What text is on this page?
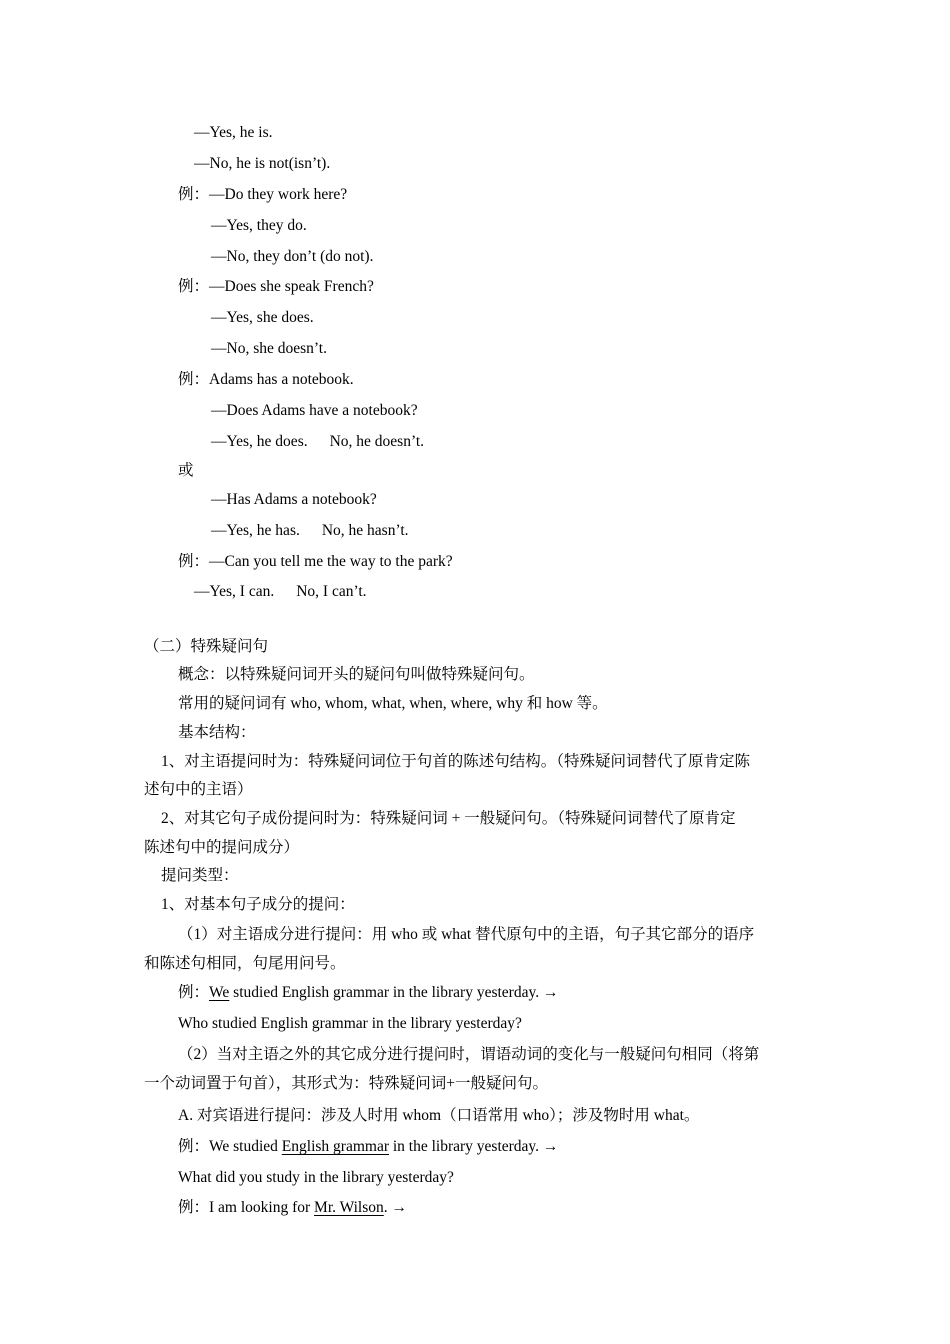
—Yes, he is.
—No, he is not(isn’t).
例：—Do they work here?
—Yes, they do.
—No, they don’t (do not).
例：—Does she speak French?
—Yes, she does.
—No, she doesn’t.
例：Adams has a notebook.
—Does Adams have a notebook?
—Yes, he does. No, he doesn’t.
或
—Has Adams a notebook?
—Yes, he has. No, he hasn’t.
例：—Can you tell me the way to the park?
—Yes, I can. No, I can’t.
（二）特殊疑问句
概念：以特殊疑问词开头的疑问句叫做特殊疑问句。
常用的疑问词有 who, whom, what, when, where, why 和 how 等。
基本结构：
1、对主语提问时为：特殊疑问词位于句首的陈述句结构。（特殊疑问词替代了原肯定陈
述句中的主语）
2、对其它句子成份提问时为：特殊疑问词 + 一般疑问句。（特殊疑问词替代了原肯定
陈述句中的提问成分）
提问类型：
1、对基本句子成分的提问：
（1）对主语成分进行提问：用 who 或 what 替代原句中的主语，句子其它部分的语序
和陈述句相同，句尾用问号。
例：We studied English grammar in the library yesterday. →
Who studied English grammar in the library yesterday?
（2）当对主语之外的其它成分进行提问时，谓语动词的变化与一般疑问句相同（将第
一个动词置于句首），其形式为：特殊疑问词+一般疑问句。
A. 对宾语进行提问：涉及人时用 whom（口语常用 who）；涉及物时用 what。
例：We studied English grammar in the library yesterday. →
What did you study in the library yesterday?
例：I am looking for Mr. Wilson. →
